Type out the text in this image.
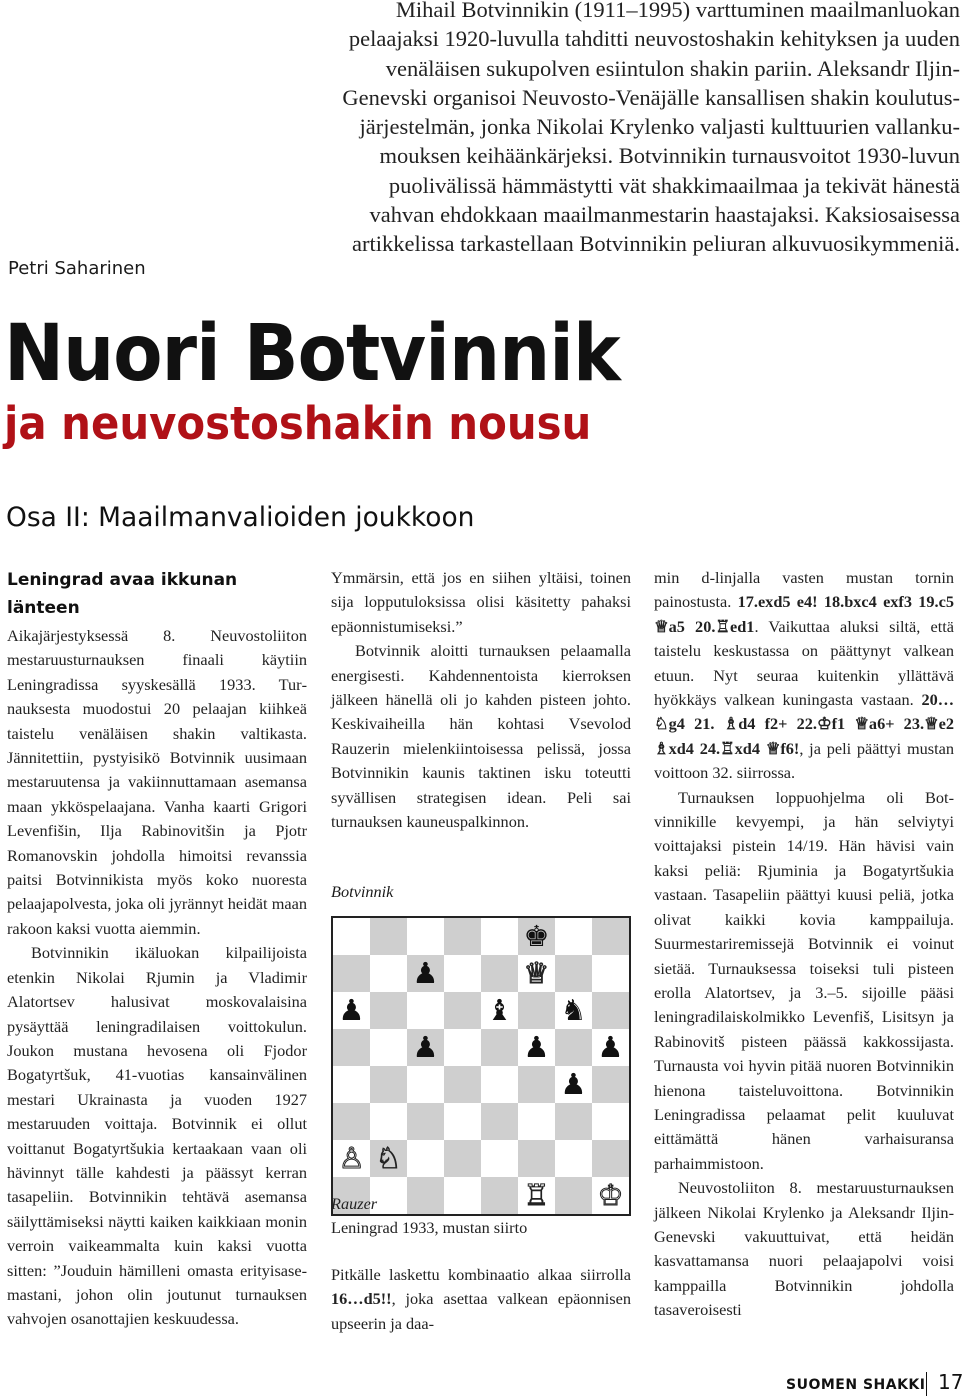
Petri Saharinen

Mihail Botvinnikin (1911–1995) varttuminen maailmanluokan

pelaajaksi 1920-luvulla tahditti neuvostoshakin kehityksen ja uuden

venäläisen sukupolven esiintulon shakin pariin. Aleksandr Iljin-

Genevski organisoi Neuvosto-Venäjälle kansallisen shakin koulutus-

järjestelmän, jonka Nikolai Krylenko valjasti kulttuurien vallanku-

mouksen keihäänkärjeksi. Botvinnikin turnausvoitot 1930-luvun

puolivälissä hämmästytti vät shakkimaailmaa ja tekivät hänestä

vahvan ehdokkaan maailmanmestarin haastajaksi. Kaksiosaisessa

artikkelissa tarkastellaan Botvinnikin peliuran alkuvuosikymmeniä.

Nuori Botvinnik
ja neuvostoshakin nousu
Osa II: Maailmanvalioiden joukkoon
Leningrad avaa ikkunan länteen

Aikajärjestyksessä 8. Neuvostoliiton mestaruusturnauksen finaali käytiin Leningradissa syyskesällä 1933. Turnauksesta muodostui 20 pelaajan kiihkeä taistelu venäläisen shakin valtikasta. Jännitettiin, pystyisikö Botvinnik uusimaan mestaruutensa ja vakiinnuttamaan asemansa maan ykköspelaajana. Vanha kaarti Grigori Levenfišin, Ilja Rabinovitšin ja Pjotr Romanovskin johdolla himoitsi revanssia paitsi Botvinnikista myös koko nuoresta pelaajapolvesta, joka oli jyrännyt heidät maan rakoon kaksi vuotta aiemmin.

Botvinnikin ikäluokan kilpailijoista etenkin Nikolai Rjumin ja Vladimir Alatortsev halusivat moskovalaisina pysäyttää leningradilaisen voittokulun. Joukon mustana hevosena oli Fjodor Bogatyrtšuk, 41-vuotias kansainvälinen mestari Ukrainasta ja vuoden 1927 mestaruuden voittaja. Botvinnik ei ollut voittanut Bogatyrtšukia kertaakaan vaan oli hävinnyt tälle kahdesti ja päässyt kerran tasapeliin. Botvinnikin tehtävä asemansa säilyttämiseksi näytti kaiken kaikkiaan monin verroin vaikeammalta kuin kaksi vuotta sitten: ”Jouduin hämilleni omasta erityisasemastani, johon olin joutunut turnauksen vahvojen osanottajien keskuudessa.

Ymmärsin, että jos en siihen yltäisi, toinen sija lopputuloksissa olisi käsitetty pahaksi epäonnistumiseksi.”

Botvinnik aloitti turnauksen pelaamalla energisesti. Kahdennentoista kierroksen jälkeen hänellä oli jo kahden pisteen johto. Keskivaiheilla hän kohtasi Vsevolod Rauzerin mielenkiintoisessa pelissä, jossa Botvinnikin kaunis taktinen isku toteutti syvällisen strategisen idean. Peli sai turnauksen kauneuspalkinnon.

Botvinnik
♚
♟	♕
♟	♝ ♞
♟	♟ ♟
♟
♙ ♘
♖ ♔

Rauzer

Leningrad 1933, mustan siirto

Pitkälle laskettu kombinaatio alkaa siirrolla 16…d5!!, joka asettaa valkean epäonnisen upseerin ja daa-

min d-linjalla vasten mustan tornin painostusta. 17.exd5 e4! 18.bxc4 exf3 19.c5 ♕a5 20.♖ed1. Vaikuttaa aluksi siltä, että taistelu keskustassa on päättynyt valkean etuun. Nyt seuraa kuitenkin yllättävä hyökkäys valkean kuningasta vastaan. 20…♘g4 21. ♗d4 f2+ 22.♔f1 ♕a6+ 23.♕e2 ♗xd4 24.♖xd4 ♕f6!, ja peli päättyi mustan voittoon 32. siirrossa.

Turnauksen loppuohjelma oli Botvinnikille kevyempi, ja hän selviytyi voittajaksi pistein 14/19. Hän hävisi vain kaksi peliä: Rjuminia ja Bogatyrtšukia vastaan. Tasapeliin päättyi kuusi peliä, jotka olivat kaikki kovia kamppailuja. Suurmestariremissejä Botvinnik ei voinut sietää. Turnauksessa toiseksi tuli pisteen erolla Alatortsev, ja 3.–5. sijoille pääsi leningradilaiskolmikko Levenfiš, Lisitsyn ja Rabinovitš pisteen päässä kakkossijasta. Turnausta voi hyvin pitää nuoren Botvinnikin hienona taisteluvoittona. Botvinnikin Leningradissa pelaamat pelit kuuluvat eittämättä hänen varhaisuransa parhaimmistoon.

Neuvostoliiton 8. mestaruusturnauksen jälkeen Nikolai Krylenko ja Aleksandr Iljin-Genevski vakuuttuivat, että heidän kasvattamansa nuori pelaajapolvi voisi kamppailla Botvinnikin johdolla tasaveroisesti

SUOMEN SHAKKI 17
